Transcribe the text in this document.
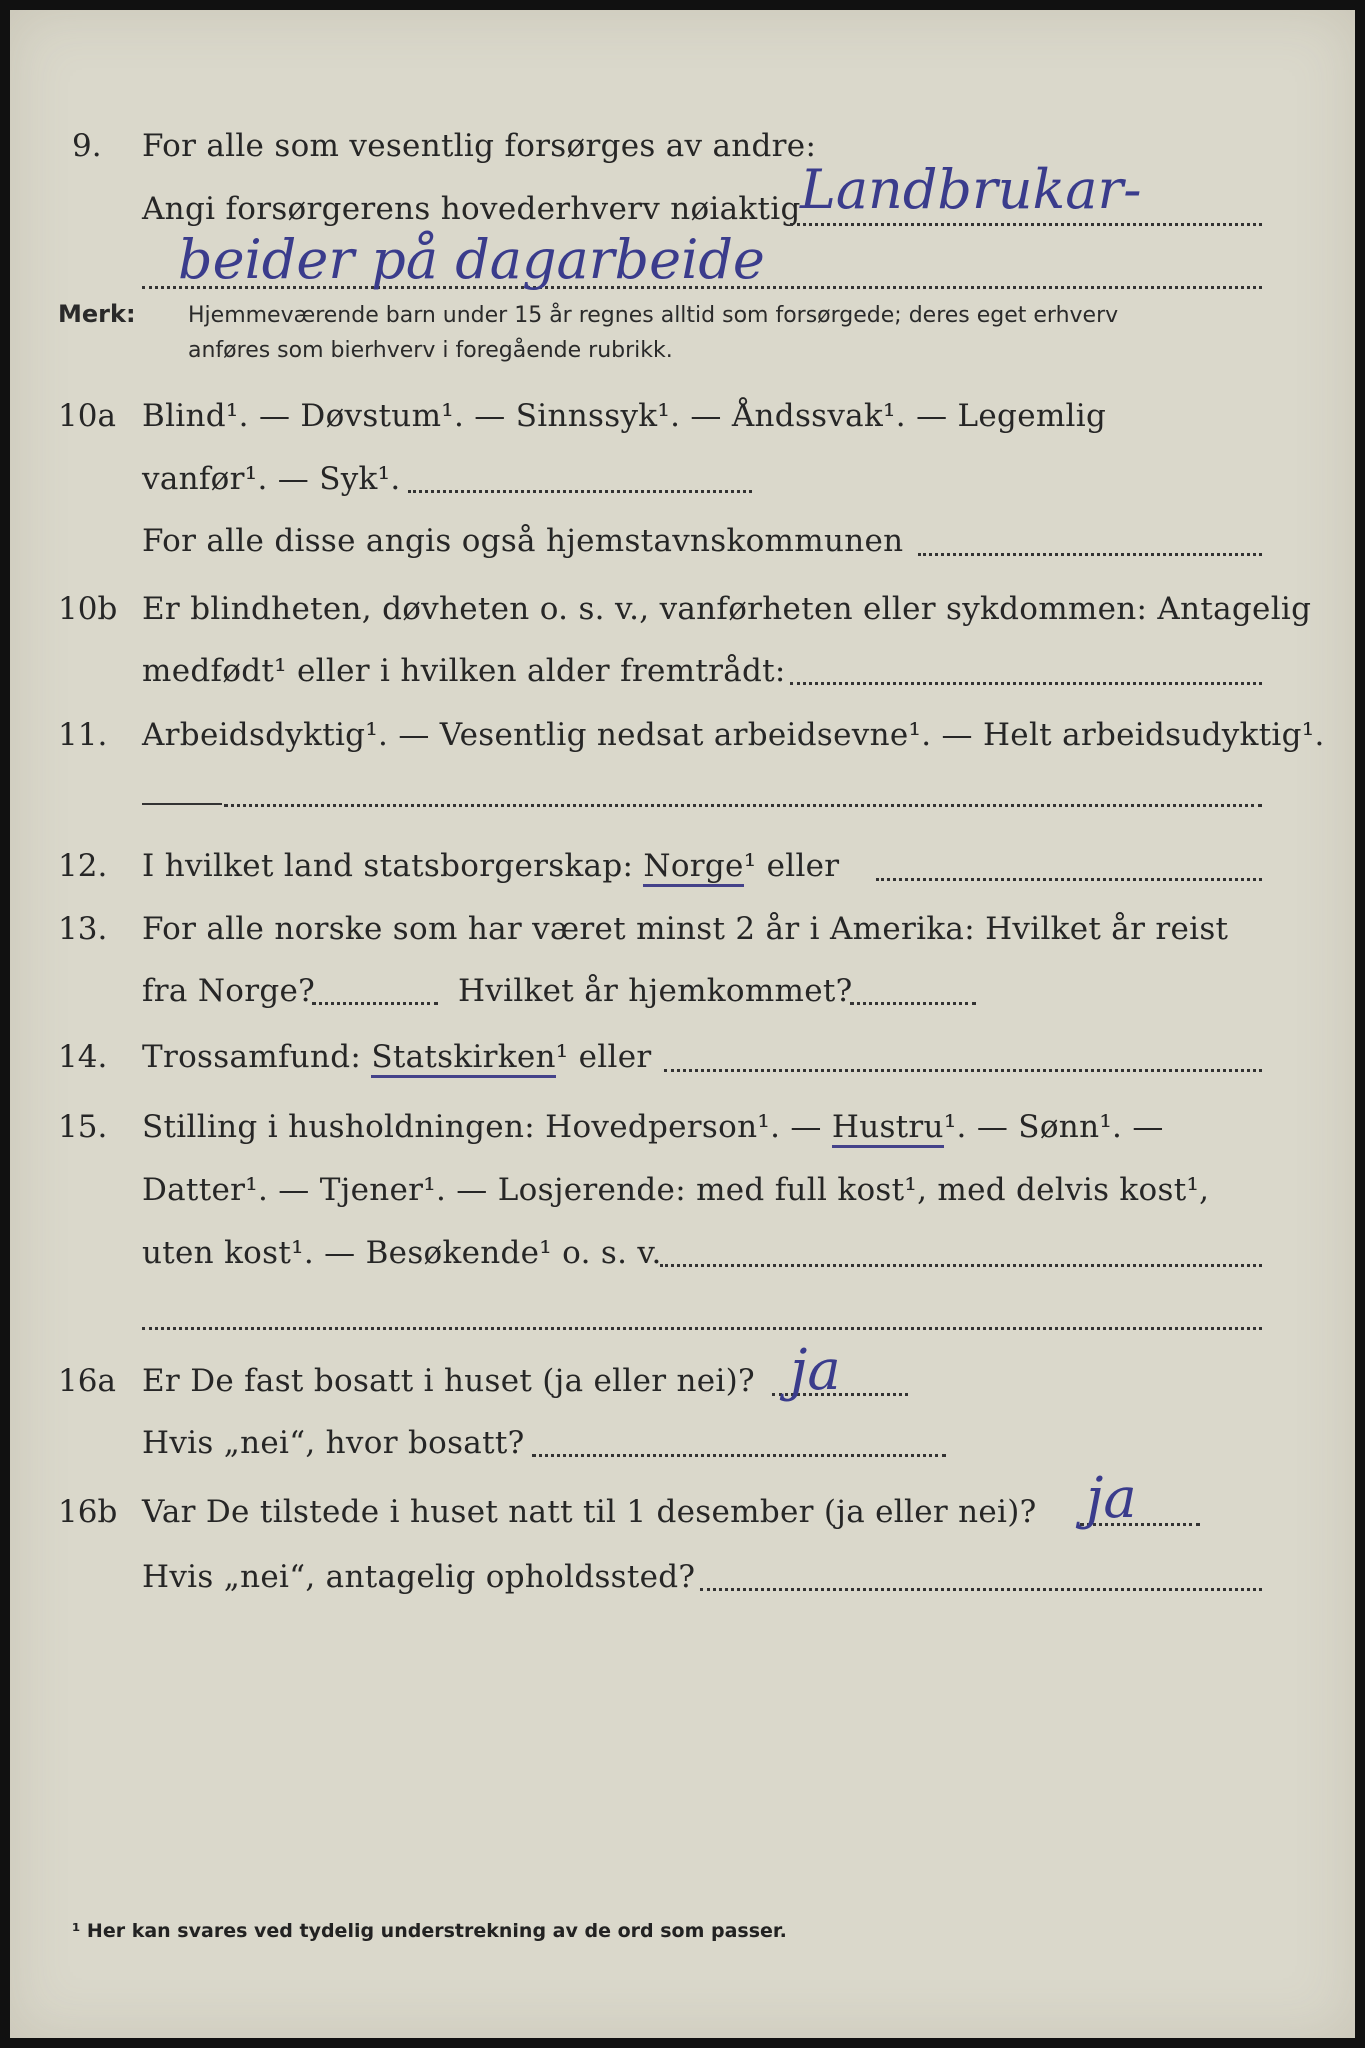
9. For alle som vesentlig forsørges av andre:
Angi forsørgerens hovederhverv nøiaktig Landbrukar-
beider på dagarbeide
Merk: Hjemmeværende barn under 15 år regnes alltid som forsørgede; deres eget erhverv
anføres som bierhverv i foregående rubrikk.
10a Blind¹. — Døvstum¹. — Sinnssyk¹. — Åndssvak¹. — Legemlig
vanfør¹. — Syk¹.
For alle disse angis også hjemstavnskommunen
10b Er blindheten, døvheten o. s. v., vanførheten eller sykdommen: Antagelig
medfødt¹ eller i hvilken alder fremtrådt:
11. Arbeidsdyktig¹. — Vesentlig nedsat arbeidsevne¹. — Helt arbeidsudyktig¹.
12. I hvilket land statsborgerskap: Norge¹ eller
13. For alle norske som har været minst 2 år i Amerika: Hvilket år reist
fra Norge?	Hvilket år hjemkommet?
14. Trossamfund: Statskirken¹ eller
15. Stilling i husholdningen: Hovedperson¹. — Hustru¹. — Sønn¹. —
Datter¹. — Tjener¹. — Losjerende: med full kost¹, med delvis kost¹,
uten kost¹. — Besøkende¹ o. s. v.
16a Er De fast bosatt i huset (ja eller nei)? ja
Hvis „nei“, hvor bosatt?
16b Var De tilstede i huset natt til 1 desember (ja eller nei)? ja
Hvis „nei“, antagelig opholdssted?
¹ Her kan svares ved tydelig understrekning av de ord som passer.
